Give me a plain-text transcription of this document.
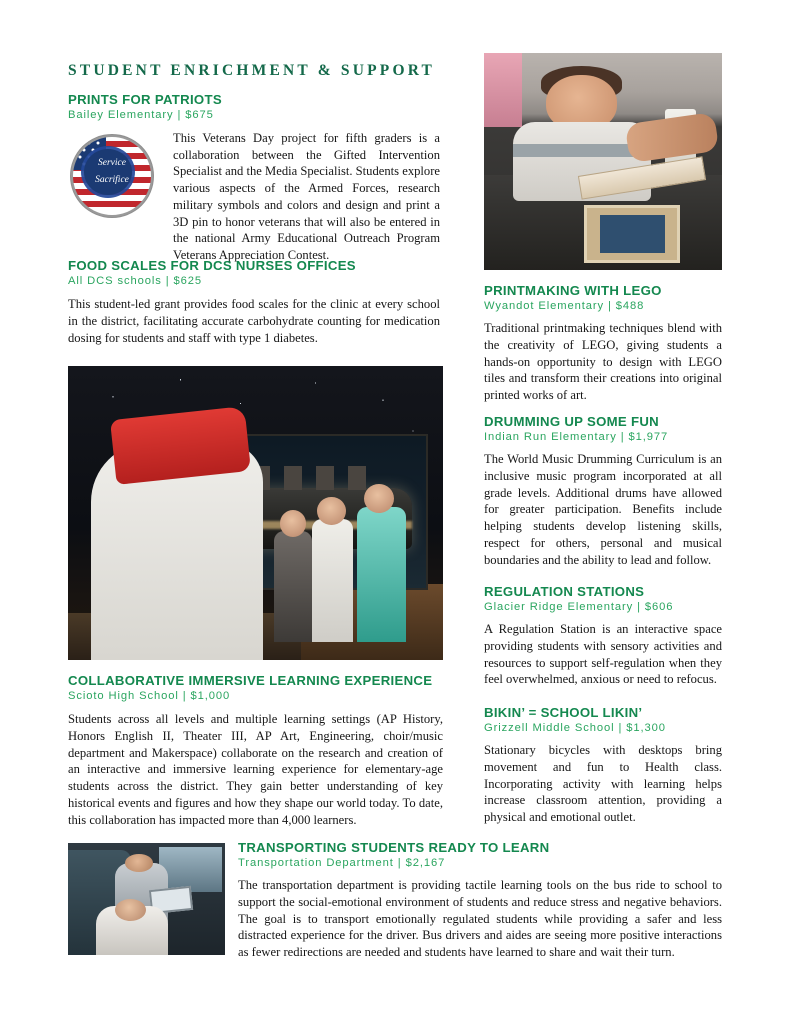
STUDENT ENRICHMENT & SUPPORT
PRINTS FOR PATRIOTS
Bailey Elementary | $675
Service
Sacrifice
This Veterans Day project for fifth graders is a collaboration between the Gifted Intervention Specialist and the Media Specialist. Students explore various aspects of the Armed Forces, research military symbols and colors and design and print a 3D pin to honor veterans that will also be entered in the national Army Educational Outreach Program Veterans Appreciation Contest.
FOOD SCALES FOR DCS NURSES OFFICES
All DCS schools | $625
This student-led grant provides food scales for the clinic at every school in the district, facilitating accurate carbohydrate counting for medication dosing for students and staff with type 1 diabetes.
COLLABORATIVE IMMERSIVE LEARNING EXPERIENCE
Scioto High School | $1,000
Students across all levels and multiple learning settings (AP History, Honors English II, Theater III, AP Art, Engineering, choir/music department and Makerspace) collaborate on the research and creation of an interactive and immersive learning experience for elementary-age students across the district. They gain better understanding of key historical events and figures and how they shape our world today. To date, this collaboration has impacted more than 4,000 learners.
PRINTMAKING WITH LEGO
Wyandot Elementary | $488
Traditional printmaking techniques blend with the creativity of LEGO, giving students a hands-on opportunity to design with LEGO tiles and transform their creations into original printed works of art.
DRUMMING UP SOME FUN
Indian Run Elementary | $1,977
The World Music Drumming Curriculum is an inclusive music program incorporated at all grade levels. Additional drums have allowed for greater participation. Benefits include helping students develop listening skills, respect for others, personal and musical boundaries and the ability to lead and follow.
REGULATION STATIONS
Glacier Ridge Elementary | $606
A Regulation Station is an interactive space providing students with sensory activities and resources to support self-regulation when they feel overwhelmed, anxious or need to refocus.
BIKIN’ = SCHOOL LIKIN’
Grizzell Middle School | $1,300
Stationary bicycles with desktops bring movement and fun to Health class. Incorporating activity with learning helps increase classroom attention, providing a physical and emotional outlet.
TRANSPORTING STUDENTS READY TO LEARN
Transportation Department | $2,167
The transportation department is providing tactile learning tools on the bus ride to school to support the social-emotional environment of students and reduce stress and negative behaviors. The goal is to transport emotionally regulated students while providing a safer and less distracted experience for the driver. Bus drivers and aides are seeing more positive interactions as fewer redirections are needed and students have learned to share and wait their turn.
